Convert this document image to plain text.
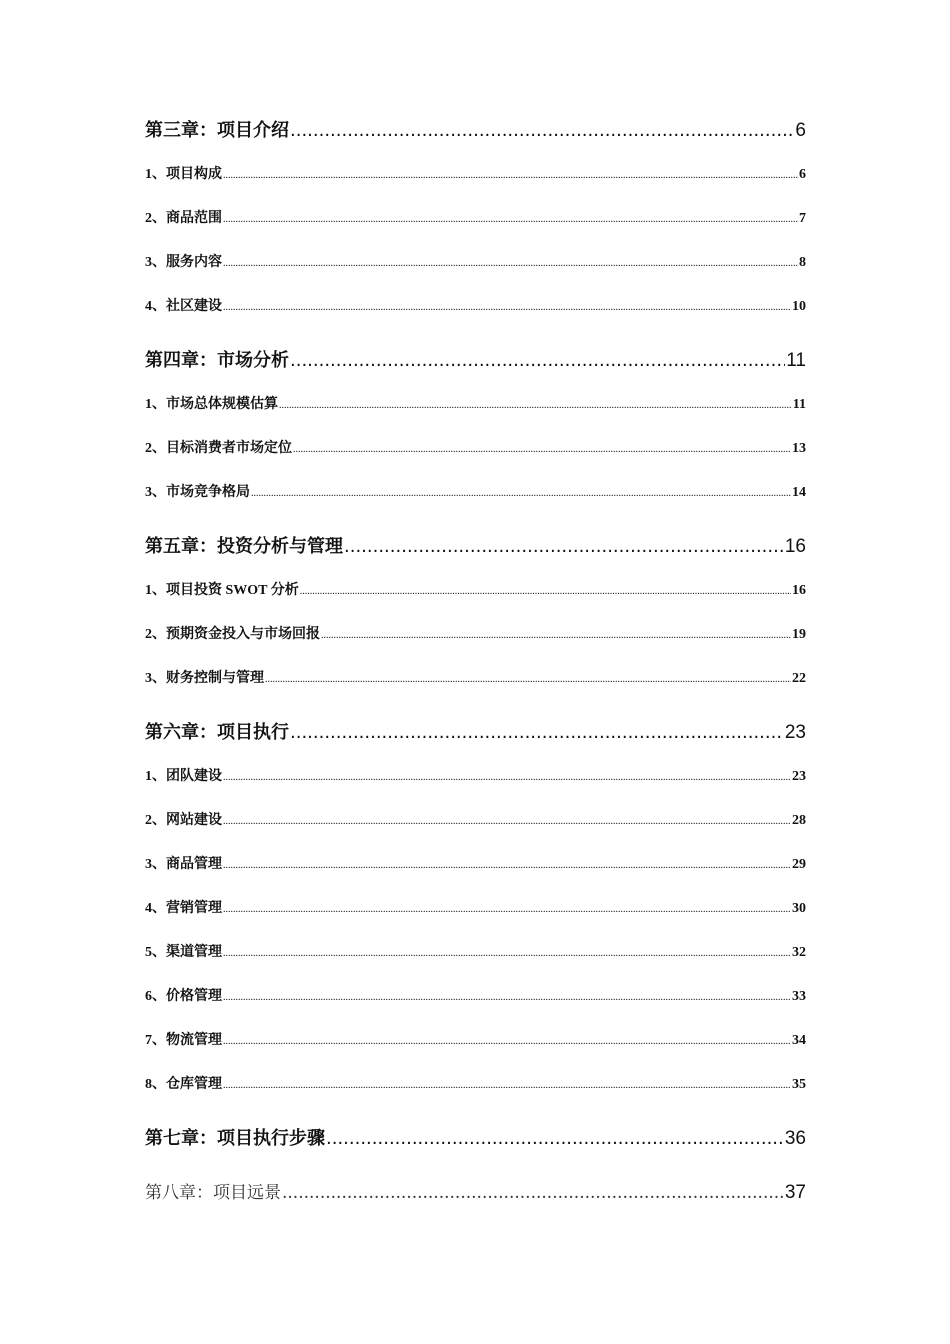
第三章：项目介绍 .....	6
1、项目构成 .....	6
2、商品范围 .....	7
3、服务内容 .....	8
4、社区建设 .....	10
第四章：市场分析 .....	11
1、市场总体规模估算 .....	11
2、目标消费者市场定位 .....	13
3、市场竞争格局 .....	14
第五章：投资分析与管理 .....	16
1、项目投资 SWOT 分析 .....	16
2、预期资金投入与市场回报 .....	19
3、财务控制与管理 .....	22
第六章：项目执行 .....	23
1、团队建设 .....	23
2、网站建设 .....	28
3、商品管理 .....	29
4、营销管理 .....	30
5、渠道管理 .....	32
6、价格管理 .....	33
7、物流管理 .....	34
8、仓库管理 .....	35
第七章：项目执行步骤 .....	36
第八章：项目远景 .....	37
